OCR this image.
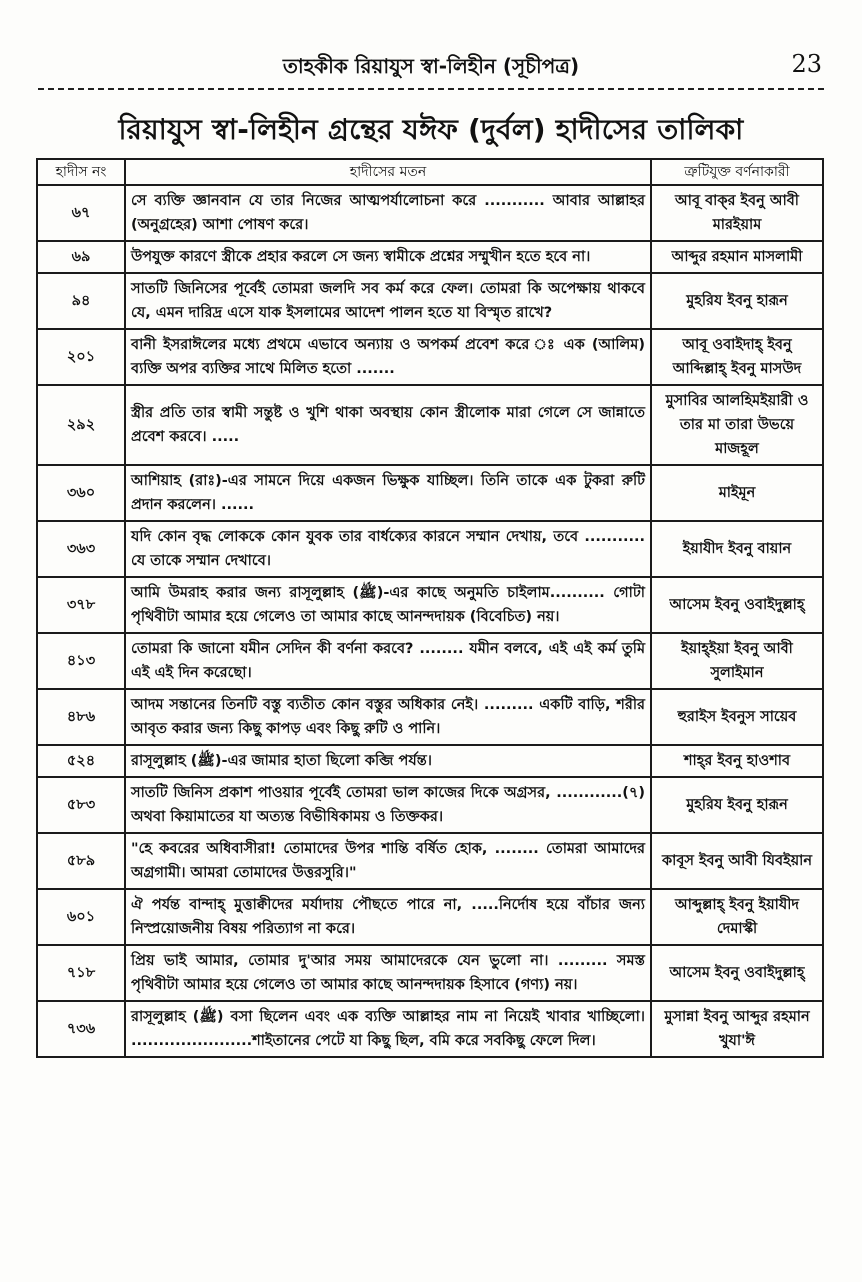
তাহকীক রিয়াযুস স্বা-লিহীন (সূচীপত্র)	23
রিয়াযুস স্বা-লিহীন গ্রন্থের যঈফ (দুর্বল) হাদীসের তালিকা
হাদীস নং	হাদীসের মতন	ত্রুটিযুক্ত বর্ণনাকারী
৬৭	সে ব্যক্তি জ্ঞানবান যে তার নিজের আত্মপর্যালোচনা করে ........... আবার আল্লাহর (অনুগ্রহের) আশা পোষণ করে।	আবূ বাক্‌র ইবনু আবী মারইয়াম
৬৯	উপযুক্ত কারণে স্ত্রীকে প্রহার করলে সে জন্য স্বামীকে প্রশ্নের সম্মুখীন হতে হবে না।	আব্দুর রহমান মাসলামী
৯৪	সাতটি জিনিসের পূর্বেই তোমরা জলদি সব কর্ম করে ফেল। তোমরা কি অপেক্ষায় থাকবে যে, এমন দারিদ্র এসে যাক ইসলামের আদেশ পালন হতে যা বিস্মৃত রাখে?	মুহরিয ইবনু হারূন
২০১	বানী ইসরাঈলের মধ্যে প্রথমে এভাবে অন্যায় ও অপকর্ম প্রবেশ করে ঃ এক (আলিম) ব্যক্তি অপর ব্যক্তির সাথে মিলিত হতো .......	আবূ ওবাইদাহ্ ইবনু আব্দিল্লাহ্ ইবনু মাসউদ
২৯২	স্ত্রীর প্রতি তার স্বামী সন্তুষ্ট ও খুশি থাকা অবস্থায় কোন স্ত্রীলোক মারা গেলে সে জান্নাতে প্রবেশ করবে। .....	মুসাবির আলহিমইয়ারী ও তার মা তারা উভয়ে মাজহূল
৩৬০	আশিয়াহ (রাঃ)-এর সামনে দিয়ে একজন ভিক্ষুক যাচ্ছিল। তিনি তাকে এক টুকরা রুটি প্রদান করলেন। ......	মাইমূন
৩৬৩	যদি কোন বৃদ্ধ লোককে কোন যুবক তার বার্ধক্যের কারনে সম্মান দেখায়, তবে ........... যে তাকে সম্মান দেখাবে।	ইয়াযীদ ইবনু বায়ান
৩৭৮	আমি উমরাহ করার জন্য রাসূলুল্লাহ (ﷺ)-এর কাছে অনুমতি চাইলাম.......... গোটা পৃথিবীটা আমার হয়ে গেলেও তা আমার কাছে আনন্দদায়ক (বিবেচিত) নয়।	আসেম ইবনু ওবাইদুল্লাহ্
৪১৩	তোমরা কি জানো যমীন সেদিন কী বর্ণনা করবে? ........ যমীন বলবে, এই এই কর্ম তুমি এই এই দিন করেছো।	ইয়াহ্ইয়া ইবনু আবী সুলাইমান
৪৮৬	আদম সন্তানের তিনটি বস্তু ব্যতীত কোন বস্তুর অধিকার নেই। ......... একটি বাড়ি, শরীর আবৃত করার জন্য কিছু কাপড় এবং কিছু রুটি ও পানি।	হুরাইস ইবনুস সায়েব
৫২৪	রাসূলুল্লাহ (ﷺ)-এর জামার হাতা ছিলো কব্জি পর্যন্ত।	শাহ্‌র ইবনু হাওশাব
৫৮৩	সাতটি জিনিস প্রকাশ পাওয়ার পূর্বেই তোমরা ভাল কাজের দিকে অগ্রসর, ............(৭) অথবা কিয়ামাতের যা অত্যন্ত বিভীষিকাময় ও তিক্তকর।	মুহরিয ইবনু হারূন
৫৮৯	"হে কবরের অধিবাসীরা! তোমাদের উপর শান্তি বর্ষিত হোক, ........ তোমরা আমাদের অগ্রগামী। আমরা তোমাদের উত্তরসুরি।"	কাবূস ইবনু আবী যিবইয়ান
৬০১	ঐ পর্যন্ত বান্দাহ্ মুত্তাক্বীদের মর্যাদায় পৌছতে পারে না, .....নির্দোষ হয়ে বাঁচার জন্য নিস্প্রয়োজনীয় বিষয় পরিত্যাগ না করে।	আব্দুল্লাহ্ ইবনু ইয়াযীদ দেমাস্কী
৭১৮	প্রিয় ভাই আমার, তোমার দু'আর সময় আমাদেরকে যেন ভুলো না। ......... সমস্ত পৃথিবীটা আমার হয়ে গেলেও তা আমার কাছে আনন্দদায়ক হিসাবে (গণ্য) নয়।	আসেম ইবনু ওবাইদুল্লাহ্
৭৩৬	রাসূলুল্লাহ (ﷺ) বসা ছিলেন এবং এক ব্যক্তি আল্লাহর নাম না নিয়েই খাবার খাচ্ছিলো। ......................শাইতানের পেটে যা কিছু ছিল, বমি করে সবকিছু ফেলে দিল।	মুসান্না ইবনু আব্দুর রহমান খুযা'ঈ
